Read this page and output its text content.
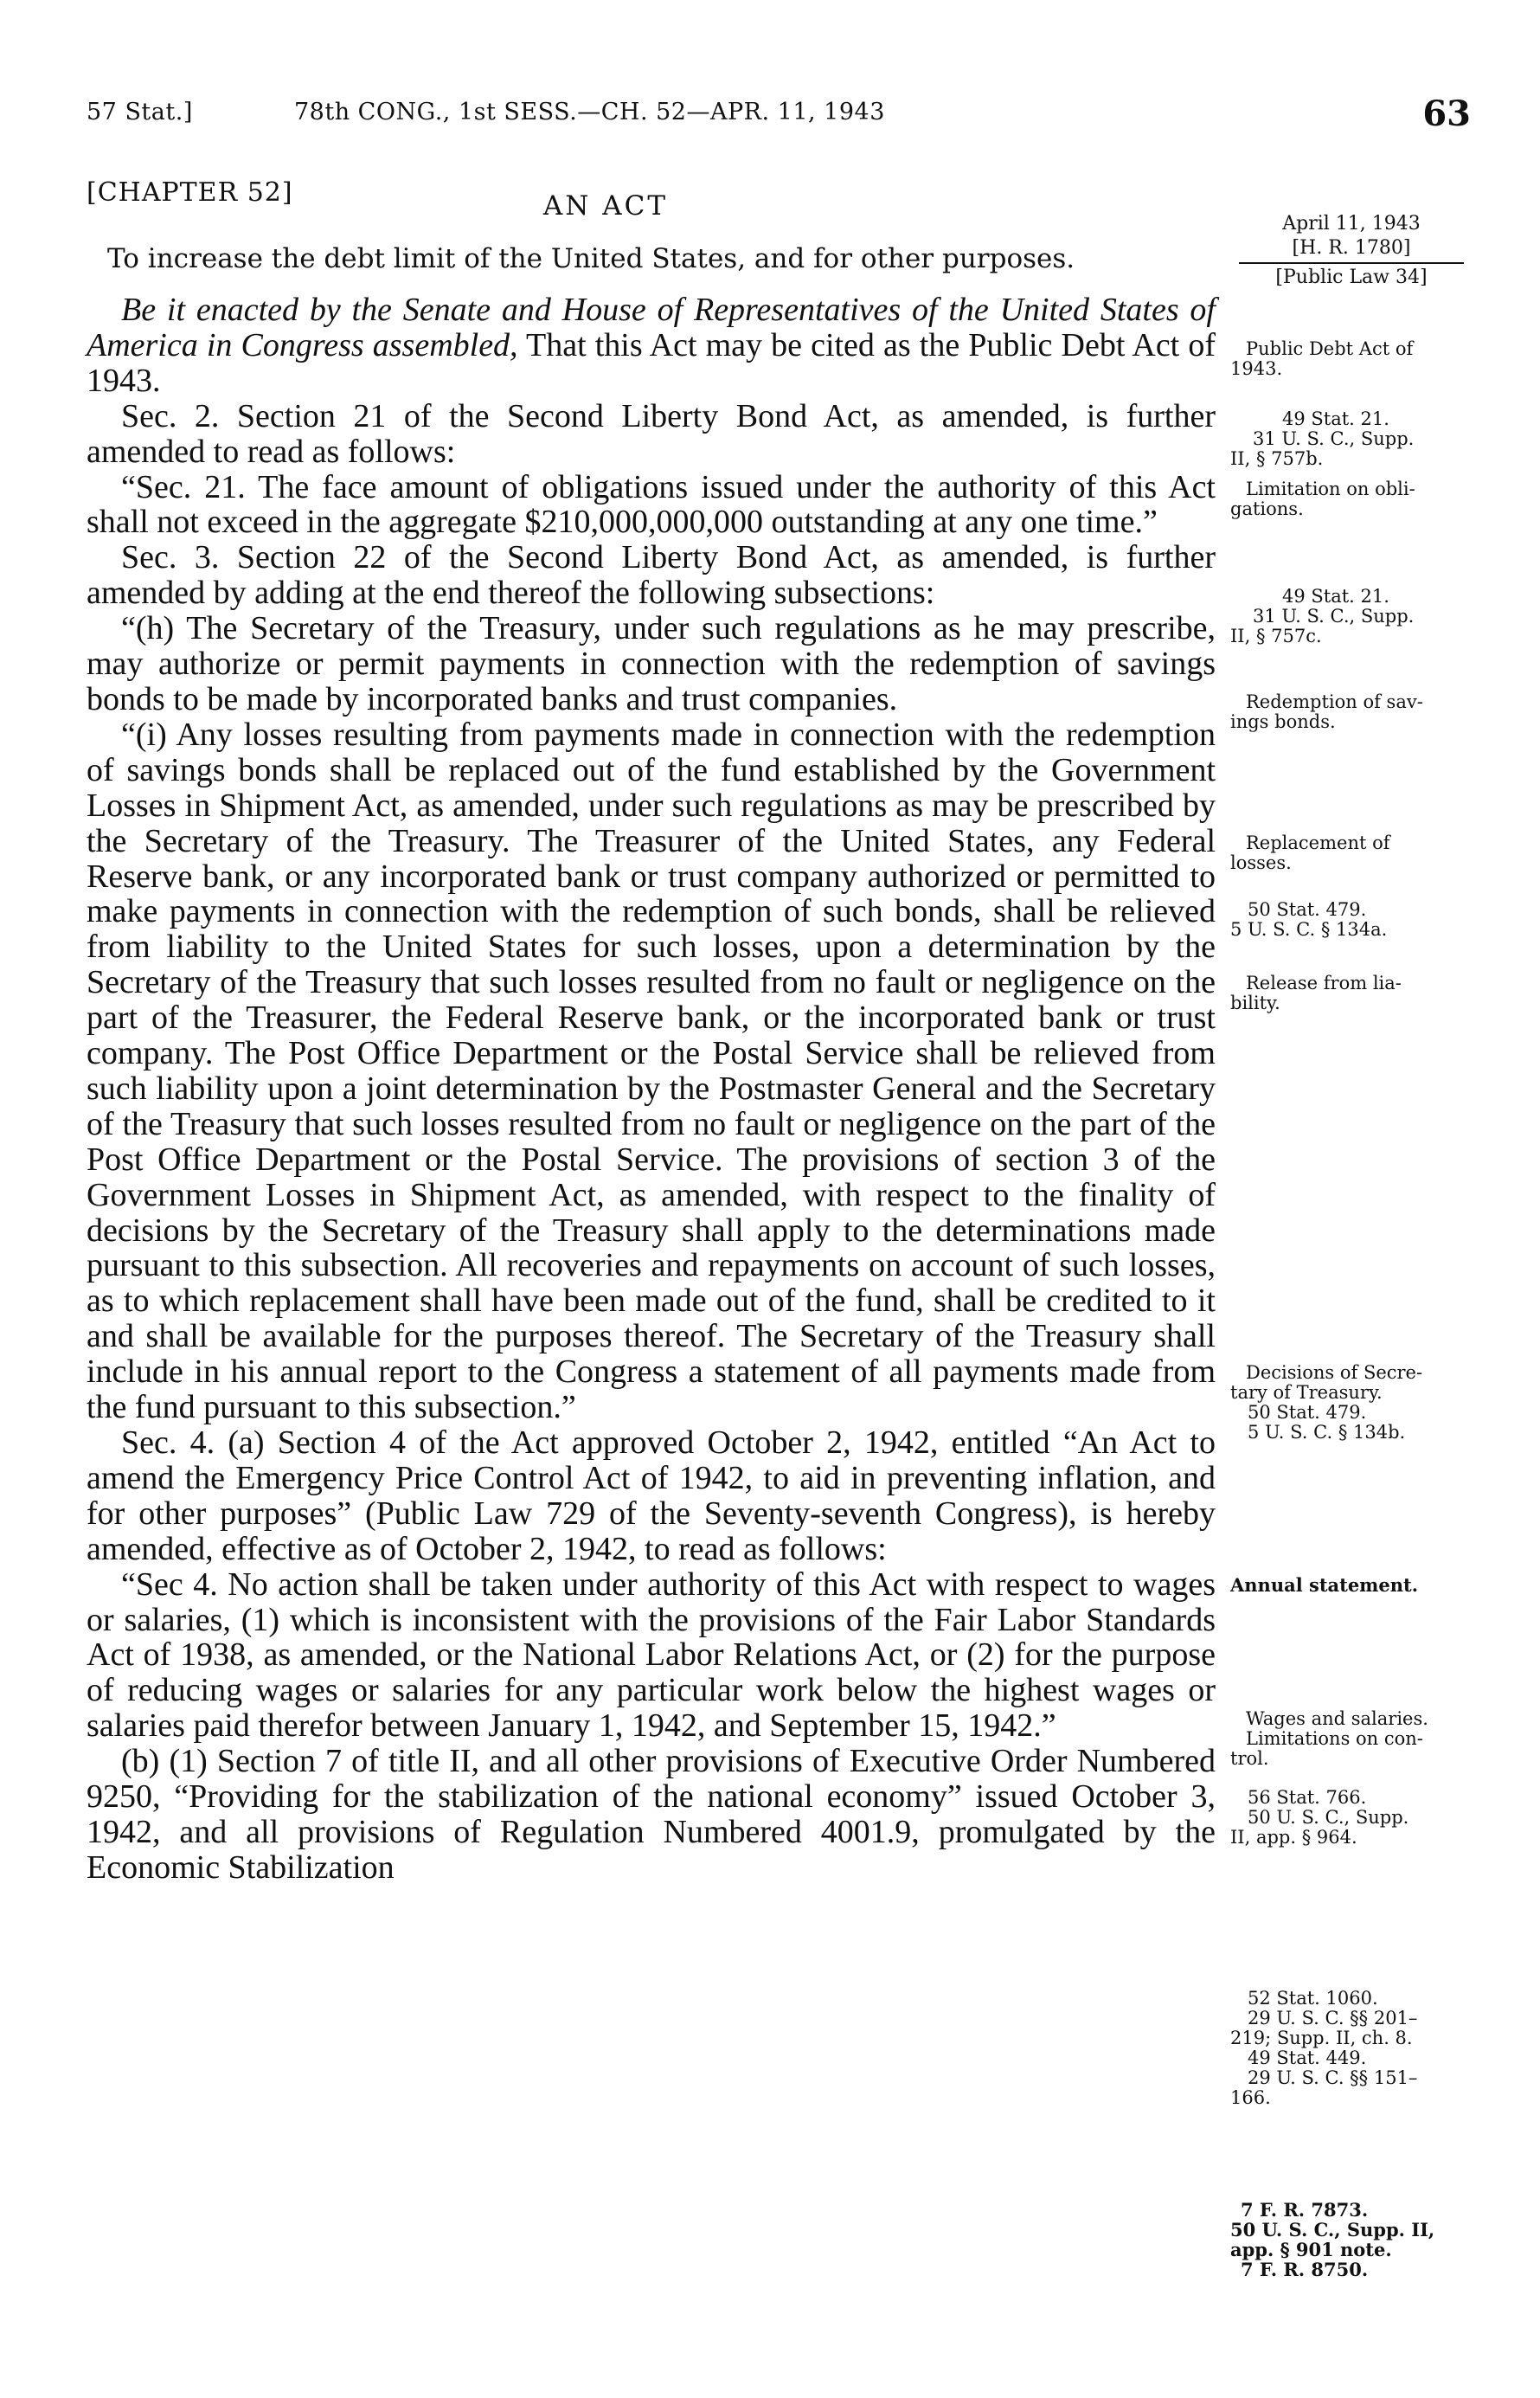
57 Stat.]	78th CONG., 1st SESS.—CH. 52—APR. 11, 1943	63
[CHAPTER 52]	AN ACT
To increase the debt limit of the United States, and for other purposes.
April 11, 1943
[H. R. 1780]
[Public Law 34]

Be it enacted by the Senate and House of Representatives of the United States of America in Congress assembled, That this Act may be cited as the Public Debt Act of 1943.

Sec. 2. Section 21 of the Second Liberty Bond Act, as amended, is further amended to read as follows:

“Sec. 21. The face amount of obligations issued under the authority of this Act shall not exceed in the aggregate $210,000,000,000 outstanding at any one time.”

Sec. 3. Section 22 of the Second Liberty Bond Act, as amended, is further amended by adding at the end thereof the following subsections:

“(h) The Secretary of the Treasury, under such regulations as he may prescribe, may authorize or permit payments in connection with the redemption of savings bonds to be made by incorporated banks and trust companies.

“(i) Any losses resulting from payments made in connection with the redemption of savings bonds shall be replaced out of the fund established by the Government Losses in Shipment Act, as amended, under such regulations as may be prescribed by the Secretary of the Treasury. The Treasurer of the United States, any Federal Reserve bank, or any incorporated bank or trust company authorized or permitted to make payments in connection with the redemption of such bonds, shall be relieved from liability to the United States for such losses, upon a determination by the Secretary of the Treasury that such losses resulted from no fault or negligence on the part of the Treasurer, the Federal Reserve bank, or the incorporated bank or trust company. The Post Office Department or the Postal Service shall be relieved from such liability upon a joint determination by the Postmaster General and the Secretary of the Treasury that such losses resulted from no fault or negligence on the part of the Post Office Department or the Postal Service. The provisions of section 3 of the Government Losses in Shipment Act, as amended, with respect to the finality of decisions by the Secretary of the Treasury shall apply to the determinations made pursuant to this subsection. All recoveries and repayments on account of such losses, as to which replacement shall have been made out of the fund, shall be credited to it and shall be available for the purposes thereof. The Secretary of the Treasury shall include in his annual report to the Congress a statement of all payments made from the fund pursuant to this subsection.”

Sec. 4. (a) Section 4 of the Act approved October 2, 1942, entitled “An Act to amend the Emergency Price Control Act of 1942, to aid in preventing inflation, and for other purposes” (Public Law 729 of the Seventy-seventh Congress), is hereby amended, effective as of October 2, 1942, to read as follows:

“Sec 4. No action shall be taken under authority of this Act with respect to wages or salaries, (1) which is inconsistent with the provisions of the Fair Labor Standards Act of 1938, as amended, or the National Labor Relations Act, or (2) for the purpose of reducing wages or salaries for any particular work below the highest wages or salaries paid therefor between January 1, 1942, and September 15, 1942.”

(b) (1) Section 7 of title II, and all other provisions of Executive Order Numbered 9250, “Providing for the stabilization of the national economy” issued October 3, 1942, and all provisions of Regulation Numbered 4001.9, promulgated by the Economic Stabilization

Public Debt Act of
1943.
49 Stat. 21.
31 U. S. C., Supp.
II, § 757b.
Limitation on obli-
gations.
49 Stat. 21.
31 U. S. C., Supp.
II, § 757c.
Redemption of sav-
ings bonds.
Replacement of
losses.
50 Stat. 479.
5 U. S. C. § 134a.
Release from lia-
bility.
Decisions of Secre-
tary of Treasury.
50 Stat. 479.
5 U. S. C. § 134b.
Annual statement.
Wages and salaries.
Limitations on con-
trol.
56 Stat. 766.
50 U. S. C., Supp.
II, app. § 964.
52 Stat. 1060.
29 U. S. C. §§ 201–
219; Supp. II, ch. 8.
49 Stat. 449.
29 U. S. C. §§ 151–
166.
7 F. R. 7873.
50 U. S. C., Supp. II,
app. § 901 note.
7 F. R. 8750.
